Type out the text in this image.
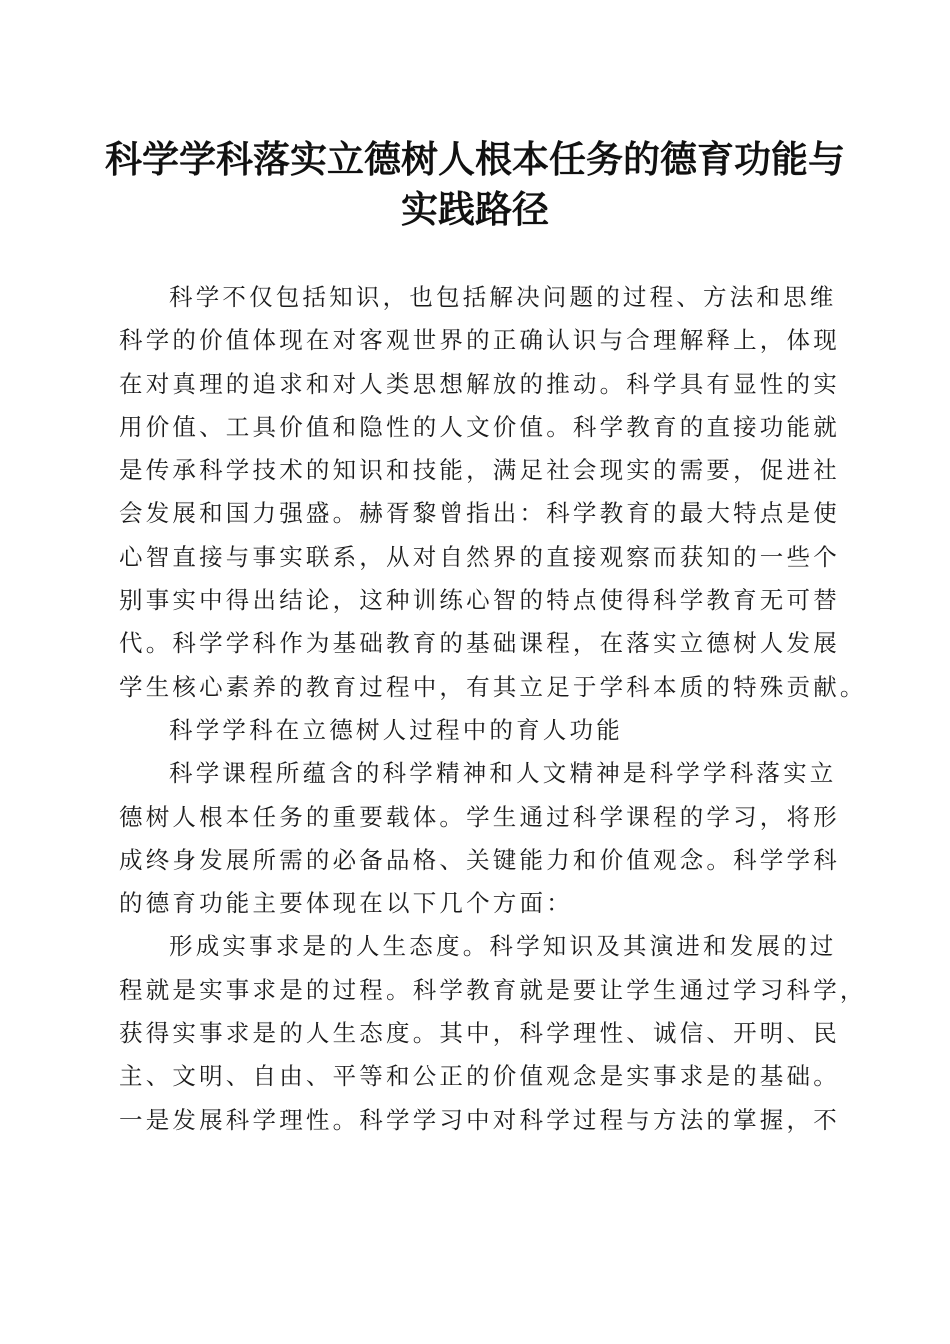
科学学科落实立德树人根本任务的德育功能与
实践路径

科学不仅包括知识，也包括解决问题的过程、方法和思维
科学的价值体现在对客观世界的正确认识与合理解释上，体现
在对真理的追求和对人类思想解放的推动。科学具有显性的实
用价值、工具价值和隐性的人文价值。科学教育的直接功能就
是传承科学技术的知识和技能，满足社会现实的需要，促进社
会发展和国力强盛。赫胥黎曾指出：科学教育的最大特点是使
心智直接与事实联系，从对自然界的直接观察而获知的一些个
别事实中得出结论，这种训练心智的特点使得科学教育无可替
代。科学学科作为基础教育的基础课程，在落实立德树人发展
学生核心素养的教育过程中，有其立足于学科本质的特殊贡献。

科学学科在立德树人过程中的育人功能

科学课程所蕴含的科学精神和人文精神是科学学科落实立
德树人根本任务的重要载体。学生通过科学课程的学习，将形
成终身发展所需的必备品格、关键能力和价值观念。科学学科
的德育功能主要体现在以下几个方面：

形成实事求是的人生态度。科学知识及其演进和发展的过
程就是实事求是的过程。科学教育就是要让学生通过学习科学，
获得实事求是的人生态度。其中，科学理性、诚信、开明、民
主、文明、自由、平等和公正的价值观念是实事求是的基础。
一是发展科学理性。科学学习中对科学过程与方法的掌握，不
